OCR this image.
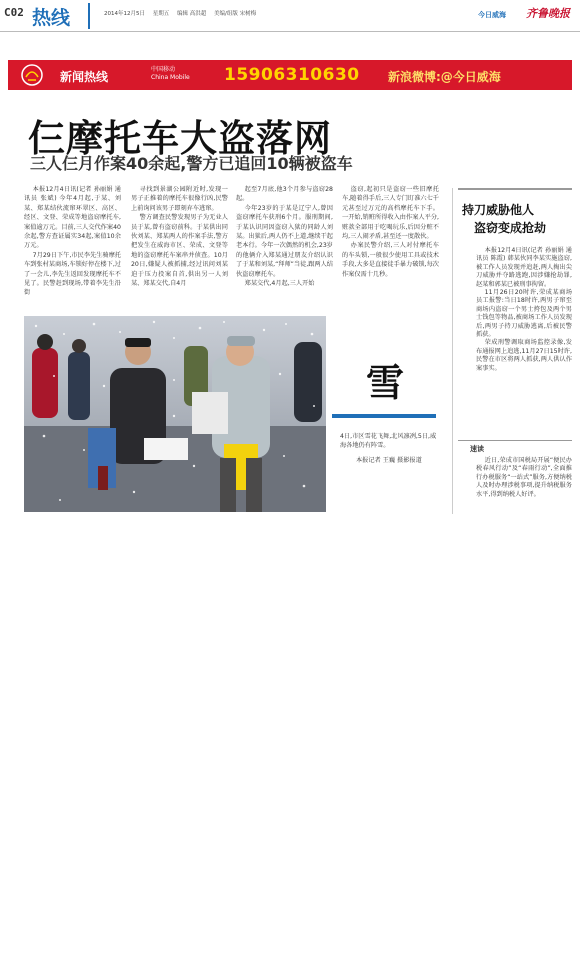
C02 热线	2014年12月5日 星期五 编辑 高洪超 美编/组版 宋树梅	今日威海 齐鲁晚报
新闻热线
中国移动
China Mobile 15906310630 新浪微博:@今日威海
仨摩托车大盗落网
三人仨月作案40余起,警方已追回10辆被盗车

本报12月4日讯(记者 孙丽娟 通讯员 张斌) 今年4月起,于某、刘某、郑某结伙流窜环翠区、高区、经区、文登、荣成等地盗窃摩托车,案值逾万元。目前,三人交代作案40余起,警方查证属实34起,案值10余万元。

7月29日下午,市民李先生骑摩托车到张村某商场,车锁好停在楼下,过了一会儿,李先生返回发现摩托车不见了。民警赶到现场,带着李先生沿街

寻找到景湖公园附近时,发现一男子正推着的摩托车很像行凶,民警上前询问该男子即刻弃车逃窜。

警方调查民警发现男子为无业人员于某,曾有盗窃前科。于某供出同伙刘某、郑某两人的作案手法,警方把发生在威海市区、荣成、文登等地的盗窃摩托车案串并侦查。10月20日,嫌疑人被抓捕,经过讯问刘某迫于压力投案自首,供出另一人刘某、郑某交代,自4月

起至7月底,他3个月参与盗窃28起。

今年23岁的于某是辽宁人,曾因盗窃摩托车获刑6个月。服刑期间,于某认识同因盗窃入狱的同龄人刘某。出狱后,两人仍不上道,继续干起老本行。今年一次偶然的机会,23岁的他俩介入郑某通过朋友介绍认识了于某和刘某,“拜师”当徒,跟两人结伙盗窃摩托车。

郑某交代,4月起,三人开始

盗窃,起初只是盗窃一些旧摩托车,随着得手后,三人专门盯准六七千元甚至过万元的高档摩托车下手。一开始,销赃所得收入由作案人平分,赃款全部用于吃喝玩乐,后因分赃不均,三人闹矛盾,甚至还一度散伙。

办案民警介绍,三人对付摩托车的车头锁,一般很少使用工具或技术手段,大多是直接徒手暴力破锁,每次作案仅需十几秒。

雪

4日,市区雪花飞舞,北风凛冽,5日,威海各地仍有阵雪。

本报记者 王巍 摄影报道

持刀威胁他人
盗窃变成抢劫

本报12月4日讯(记者 孙丽娟 通讯员 陈霞) 韩某伙同李某实施盗窃,被工作人员发现并追赶,两人掏出尖刀威胁并夺路逃跑,因涉嫌抢劫罪,赵某和郭某已被刑事拘留。

11月26日20时许,荣成某商场员工报警:当日18时许,两男子窜至商场内盗窃一个男士挎包及两个男士钱包等物品,被商场工作人员发现后,两男子持刀威胁逃离,后被民警抓获。

荣成刑警调取商场监控录像,发布通报网上追逃,11月27日15时许,民警在市区将两人抓获,两人供认作案事实。

速读

近日,荣成市国税局开展“便民办税春风行动”及“春雨行动”,全面推行办税服务“一站式”服务,方便纳税人及时办理涉税事项,提升纳税服务水平,得到纳税人好评。
